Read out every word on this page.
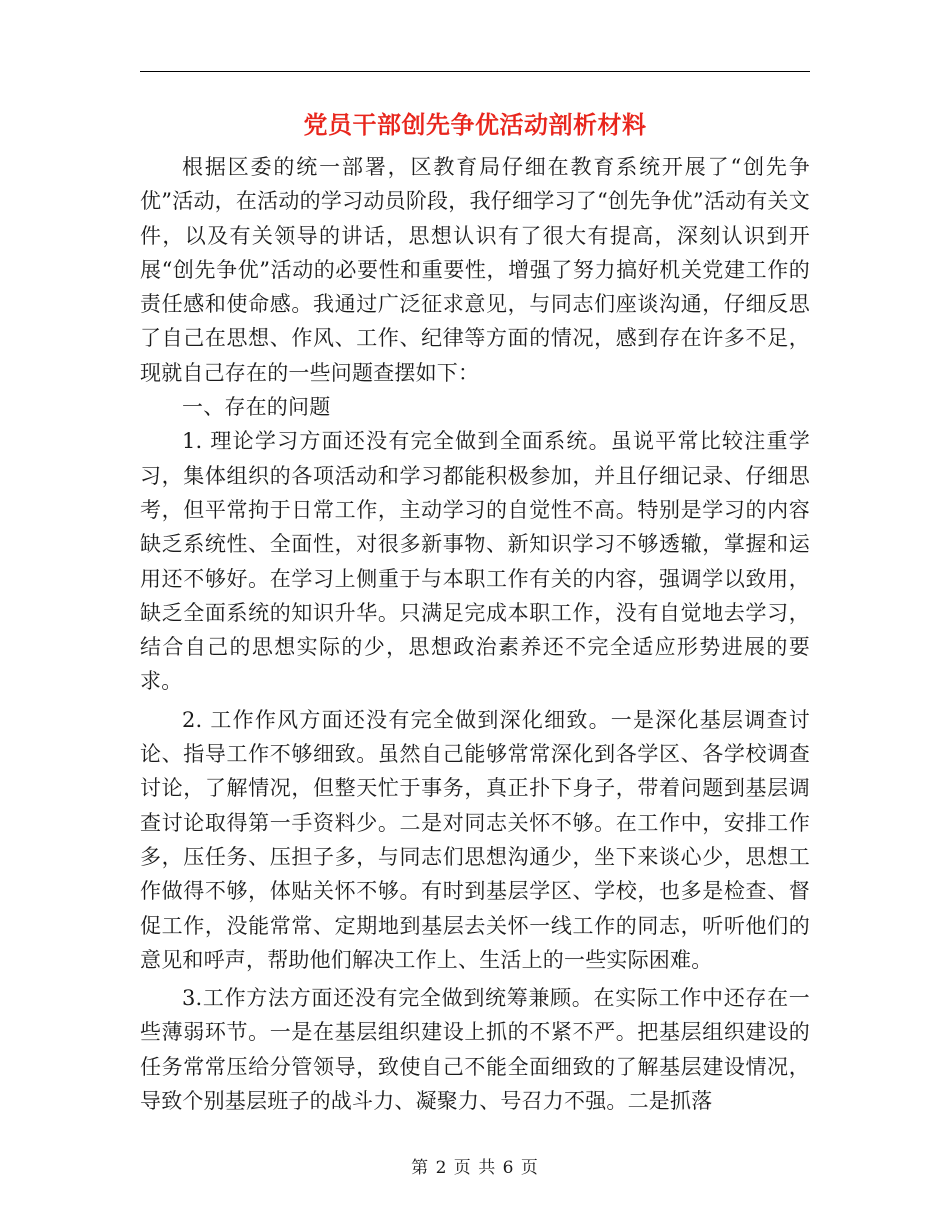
党员干部创先争优活动剖析材料

根据区委的统一部署，区教育局仔细在教育系统开展了“创先争优”活动，在活动的学习动员阶段，我仔细学习了“创先争优”活动有关文件，以及有关领导的讲话，思想认识有了很大有提高，深刻认识到开展“创先争优”活动的必要性和重要性，增强了努力搞好机关党建工作的责任感和使命感。我通过广泛征求意见，与同志们座谈沟通，仔细反思了自己在思想、作风、工作、纪律等方面的情况，感到存在许多不足，现就自己存在的一些问题查摆如下：

一、存在的问题

1. 理论学习方面还没有完全做到全面系统。虽说平常比较注重学习，集体组织的各项活动和学习都能积极参加，并且仔细记录、仔细思考，但平常拘于日常工作，主动学习的自觉性不高。特别是学习的内容缺乏系统性、全面性，对很多新事物、新知识学习不够透辙，掌握和运用还不够好。在学习上侧重于与本职工作有关的内容，强调学以致用，缺乏全面系统的知识升华。只满足完成本职工作，没有自觉地去学习，结合自己的思想实际的少，思想政治素养还不完全适应形势进展的要求。

2. 工作作风方面还没有完全做到深化细致。一是深化基层调查讨论、指导工作不够细致。虽然自己能够常常深化到各学区、各学校调查讨论，了解情况，但整天忙于事务，真正扑下身子，带着问题到基层调查讨论取得第一手资料少。二是对同志关怀不够。在工作中，安排工作多，压任务、压担子多，与同志们思想沟通少，坐下来谈心少，思想工作做得不够，体贴关怀不够。有时到基层学区、学校，也多是检查、督促工作，没能常常、定期地到基层去关怀一线工作的同志，听听他们的意见和呼声，帮助他们解决工作上、生活上的一些实际困难。

3.工作方法方面还没有完全做到统筹兼顾。在实际工作中还存在一些薄弱环节。一是在基层组织建设上抓的不紧不严。把基层组织建设的任务常常压给分管领导，致使自己不能全面细致的了解基层建设情况，导致个别基层班子的战斗力、凝聚力、号召力不强。二是抓落

第 2 页 共 6 页
